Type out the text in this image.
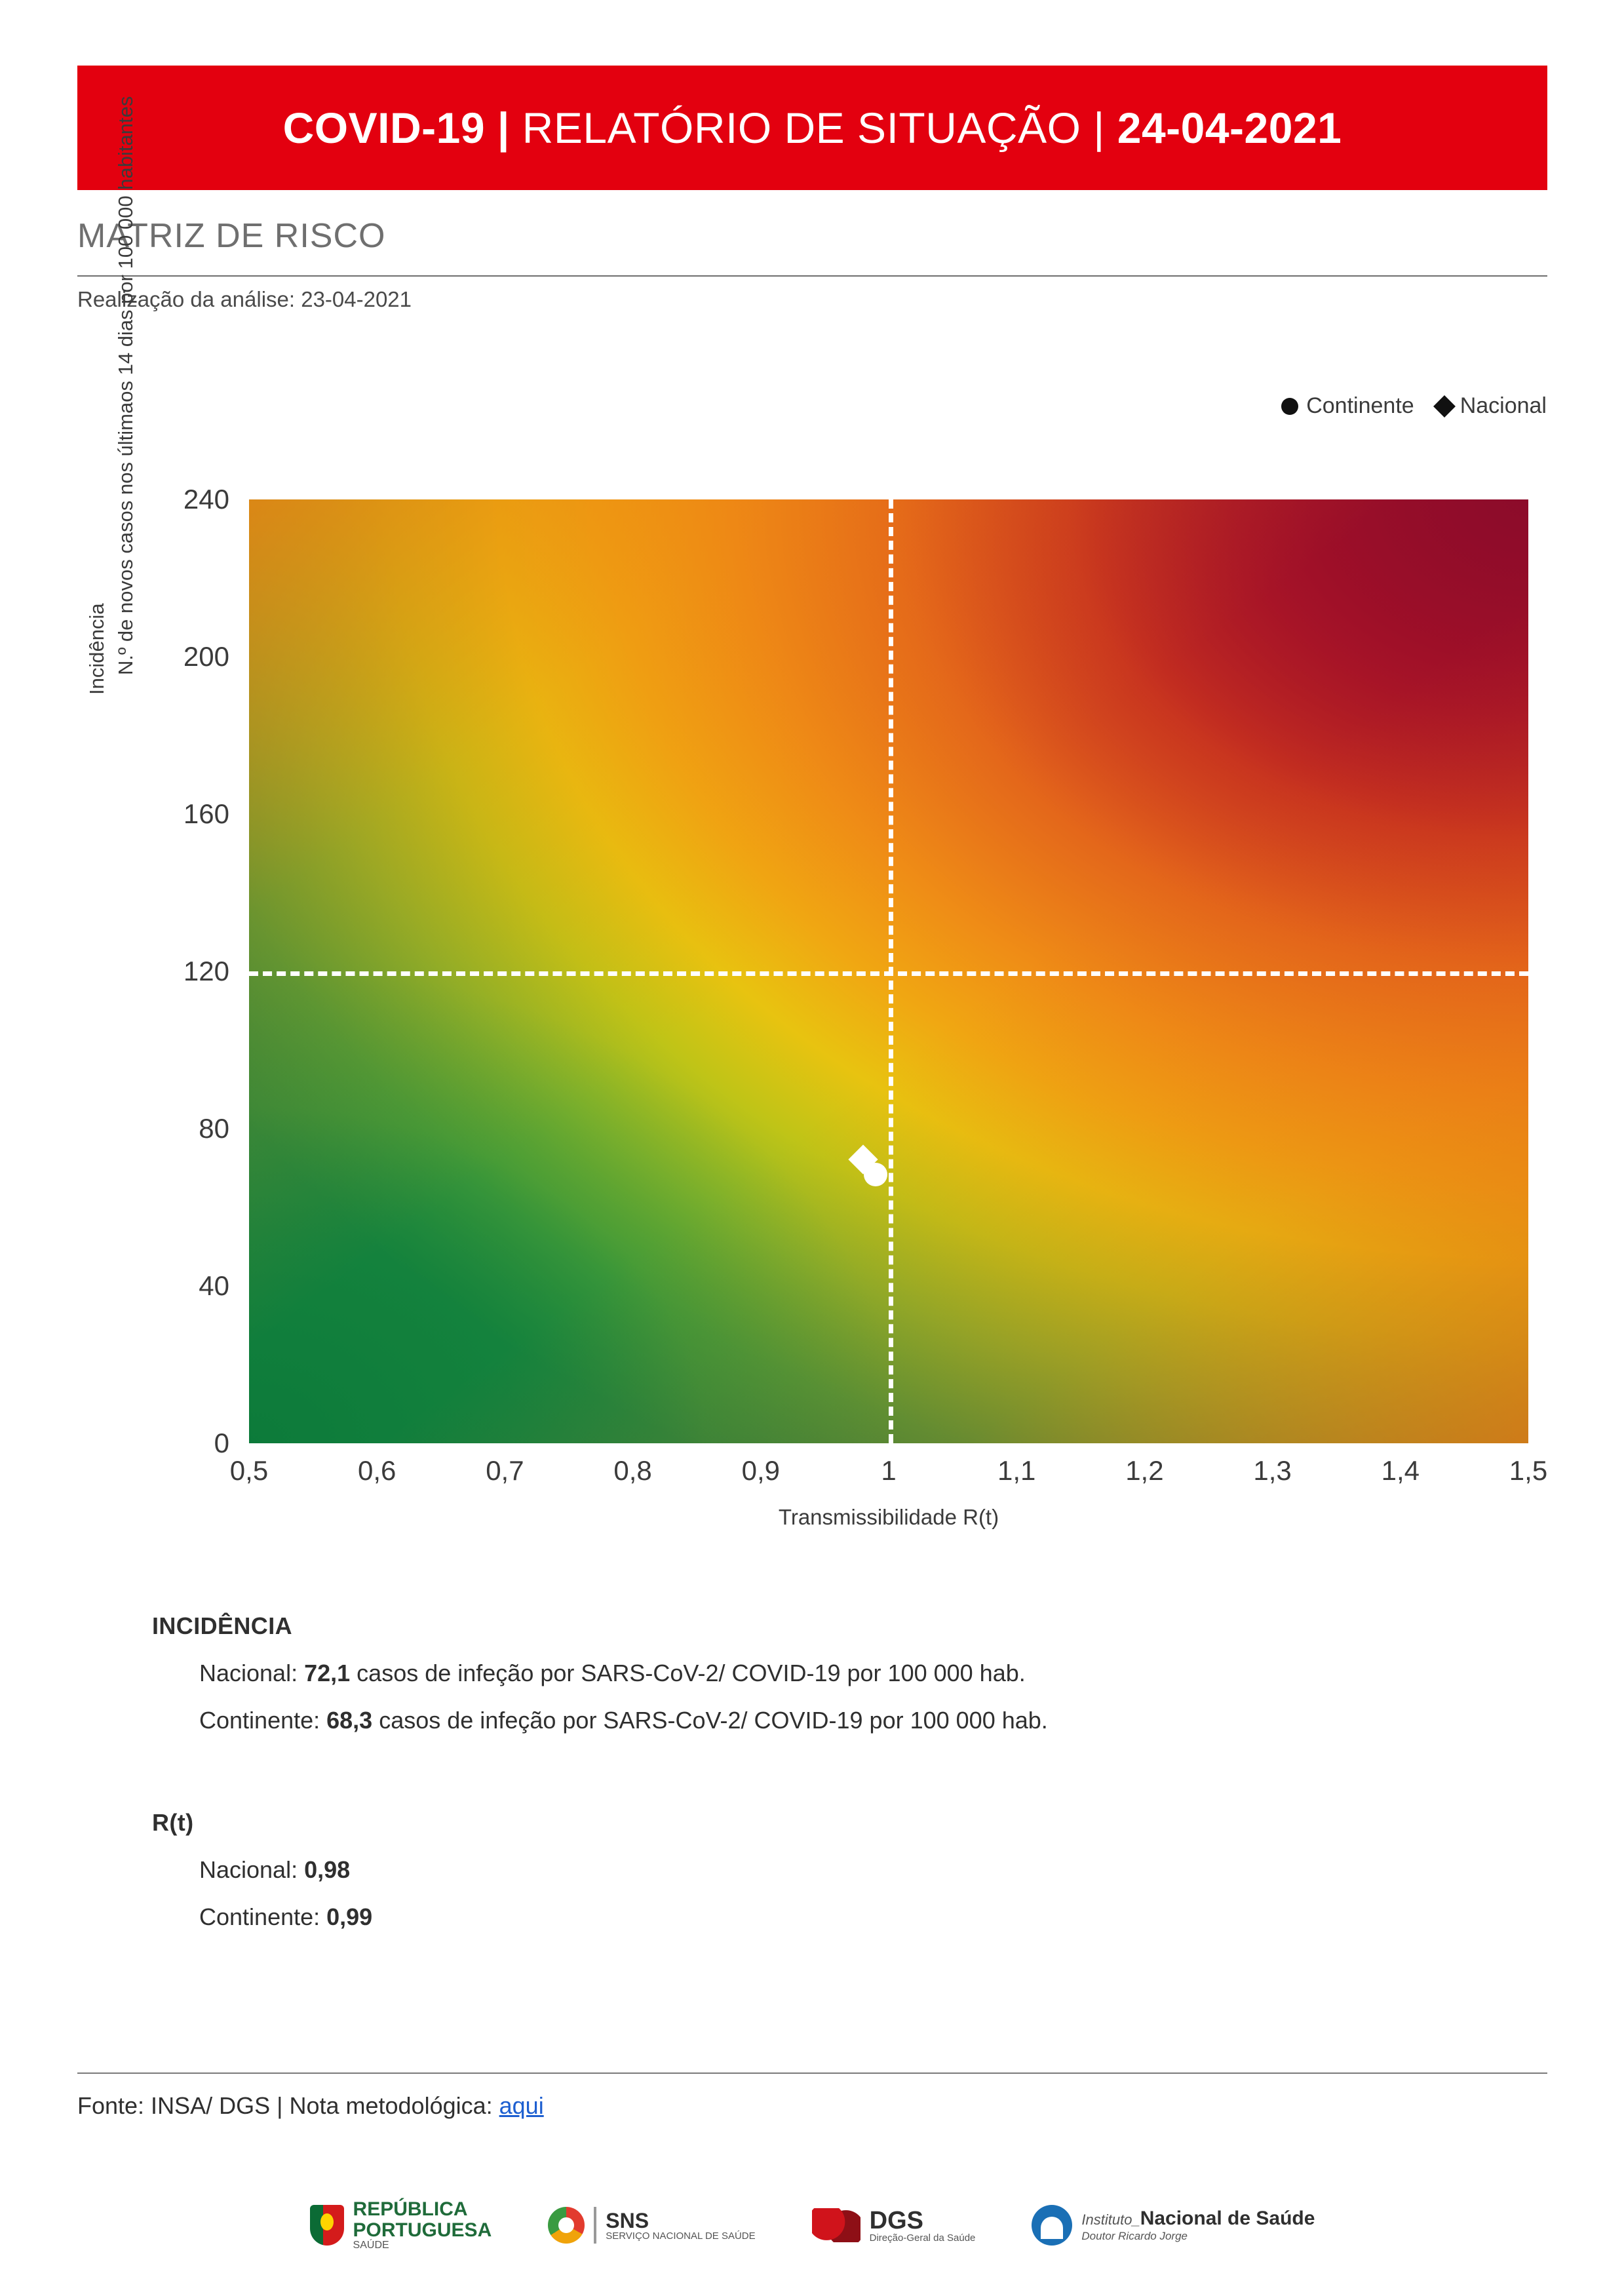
COVID-19 | RELATÓRIO DE SITUAÇÃO | 24-04-2021
MATRIZ DE RISCO
Realização da análise: 23-04-2021
Continente Nacional
Incidência N.º de novos casos nos últimaos 14 dias por 100 000 habitantes
0
40
80
120
160
200
240
0,5	0,6	0,7	0,8	0,9	1	1,1	1,2	1,3	1,4	1,5
Transmissibilidade R(t)
INCIDÊNCIA
Nacional: 72,1 casos de infeção por SARS-CoV-2/ COVID-19 por 100 000 hab.
Continente: 68,3 casos de infeção por SARS-CoV-2/ COVID-19 por 100 000 hab.
R(t)
Nacional: 0,98
Continente: 0,99
Fonte: INSA/ DGS | Nota metodológica: aqui
REPÚBLICA
PORTUGUESA
SAÚDE
SNS
SERVIÇO NACIONAL DE SAÚDE
DGS
Direção-Geral da Saúde
Instituto_Nacional de Saúde
Doutor Ricardo Jorge
